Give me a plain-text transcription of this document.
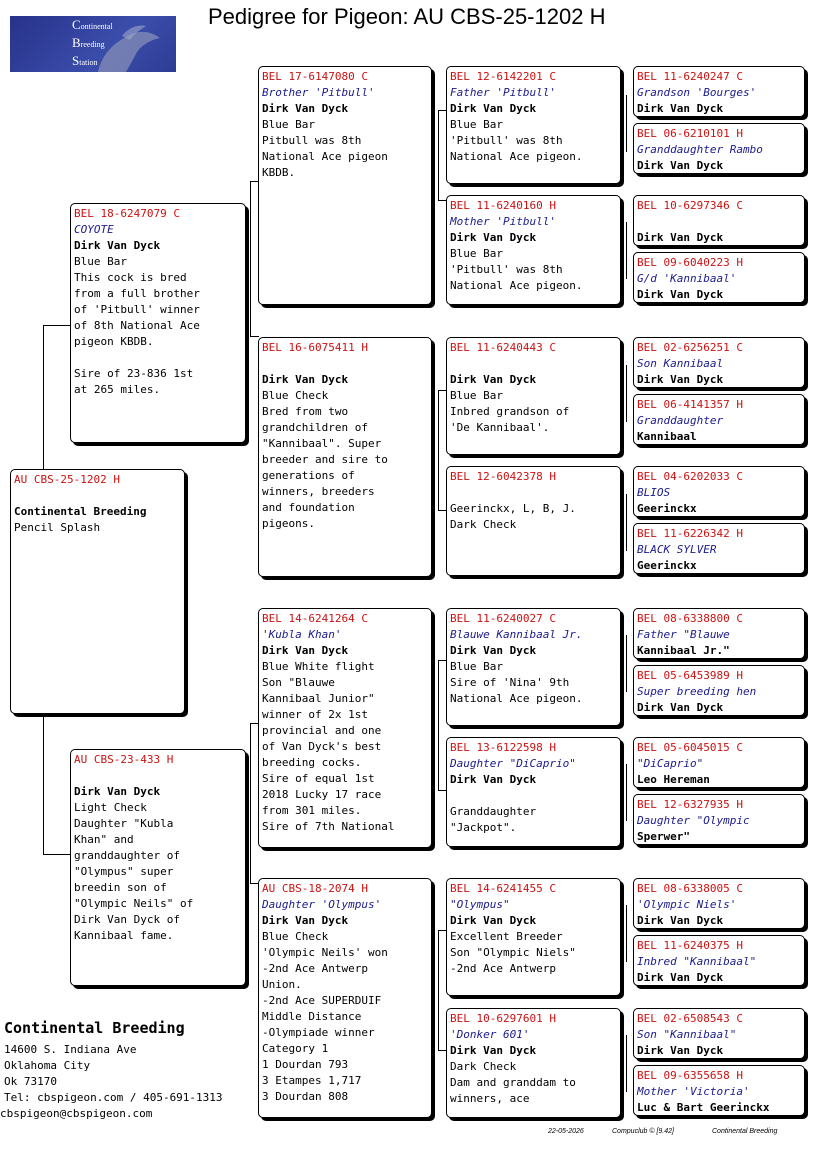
Pedigree for Pigeon: AU CBS-25-1202 H
Continental
Breeding
Station
AU CBS-25-1202 H
Continental Breeding
Pencil Splash
BEL 18-6247079 C
COYOTE
Dirk Van Dyck
Blue Bar
This cock is bred
from a full brother
of 'Pitbull' winner
of 8th National Ace
pigeon KBDB.

Sire of 23-836 1st
at 265 miles.
AU CBS-23-433 H
Dirk Van Dyck
Light Check
Daughter "Kubla
Khan" and
granddaughter of
"Olympus" super
breedin son of
"Olympic Neils" of
Dirk Van Dyck of
Kannibaal fame.
BEL 17-6147080 C
Brother 'Pitbull'
Dirk Van Dyck
Blue Bar
Pitbull was 8th
National Ace pigeon
KBDB.
BEL 16-6075411 H
Dirk Van Dyck
Blue Check
Bred from two
grandchildren of
"Kannibaal". Super
breeder and sire to
generations of
winners, breeders
and foundation
pigeons.
BEL 14-6241264 C
'Kubla Khan'
Dirk Van Dyck
Blue White flight
Son "Blauwe
Kannibaal Junior"
winner of 2x 1st
provincial and one
of Van Dyck's best
breeding cocks.
Sire of equal 1st
2018 Lucky 17 race
from 301 miles.
Sire of 7th National
AU CBS-18-2074 H
Daughter 'Olympus'
Dirk Van Dyck
Blue Check
'Olympic Neils' won
-2nd Ace Antwerp
Union.
-2nd Ace SUPERDUIF
Middle Distance
-Olympiade winner
Category 1
1 Dourdan 793
3 Etampes 1,717
3 Dourdan 808
BEL 12-6142201 C
Father 'Pitbull'
Dirk Van Dyck
Blue Bar
'Pitbull' was 8th
National Ace pigeon.
BEL 11-6240160 H
Mother 'Pitbull'
Dirk Van Dyck
Blue Bar
'Pitbull' was 8th
National Ace pigeon.
BEL 11-6240443 C
Dirk Van Dyck
Blue Bar
Inbred grandson of
'De Kannibaal'.
BEL 12-6042378 H
Geerinckx, L, B, J.
Dark Check
BEL 11-6240027 C
Blauwe Kannibaal Jr.
Dirk Van Dyck
Blue Bar
Sire of 'Nina' 9th
National Ace pigeon.
BEL 13-6122598 H
Daughter "DiCaprio"
Dirk Van Dyck

Granddaughter
"Jackpot".
BEL 14-6241455 C
"Olympus"
Dirk Van Dyck
Excellent Breeder
Son "Olympic Niels"
-2nd Ace Antwerp
BEL 10-6297601 H
'Donker 601'
Dirk Van Dyck
Dark Check
Dam and granddam to
winners, ace
BEL 11-6240247 C
Grandson 'Bourges'
Dirk Van Dyck
BEL 06-6210101 H
Granddaughter Rambo
Dirk Van Dyck
BEL 10-6297346 C
Dirk Van Dyck
BEL 09-6040223 H
G/d 'Kannibaal'
Dirk Van Dyck
BEL 02-6256251 C
Son Kannibaal
Dirk Van Dyck
BEL 06-4141357 H
Granddaughter
Kannibaal
BEL 04-6202033 C
BLIOS
Geerinckx
BEL 11-6226342 H
BLACK SYLVER
Geerinckx
BEL 08-6338800 C
Father "Blauwe
Kannibaal Jr."
BEL 05-6453989 H
Super breeding hen
Dirk Van Dyck
BEL 05-6045015 C
"DiCaprio"
Leo Hereman
BEL 12-6327935 H
Daughter "Olympic
Sperwer"
BEL 08-6338005 C
'Olympic Niels'
Dirk Van Dyck
BEL 11-6240375 H
Inbred "Kannibaal"
Dirk Van Dyck
BEL 02-6508543 C
Son "Kannibaal"
Dirk Van Dyck
BEL 09-6355658 H
Mother 'Victoria'
Luc & Bart Geerinckx
Continental Breeding
14600 S. Indiana Ave
Oklahoma City
Ok 73170
Tel: cbspigeon.com / 405-691-1313
cbspigeon@cbspigeon.com
22-05-2026	Compuclub © [9.42]	Continental Breeding
